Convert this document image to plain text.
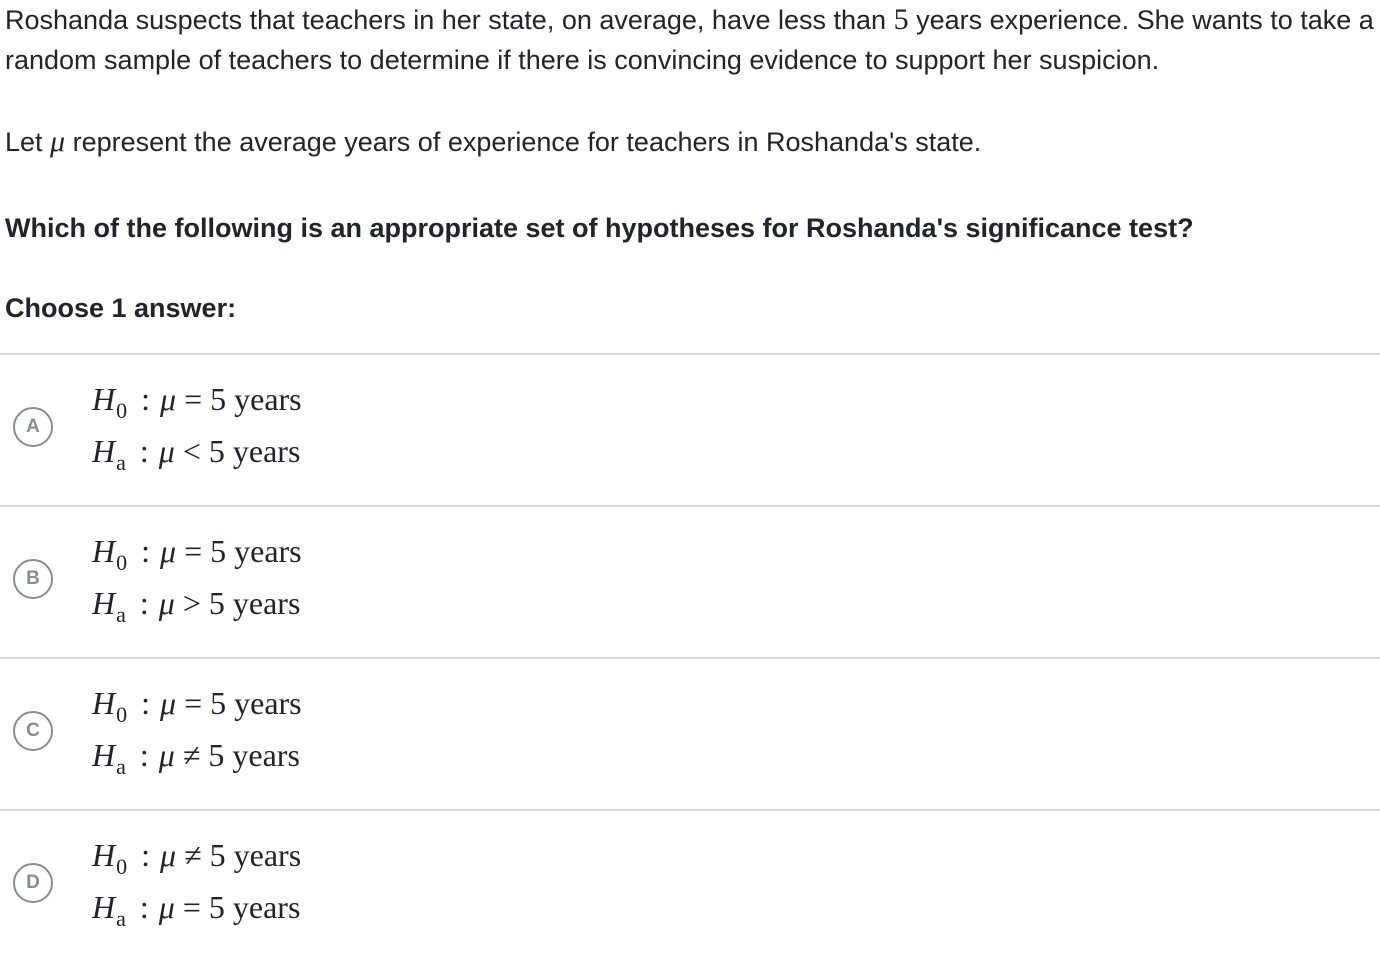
Roshanda suspects that teachers in her state, on average, have less than 5 years experience. She wants to take a random sample of teachers to determine if there is convincing evidence to support her suspicion.

Let μ represent the average years of experience for teachers in Roshanda's state.

Which of the following is an appropriate set of hypotheses for Roshanda's significance test?

Choose 1 answer:

A
$H_0$ : μ = 5 years
$H_a$ : μ < 5 years
B
$H_0$ : μ = 5 years
$H_a$ : μ > 5 years
C
$H_0$ : μ = 5 years
$H_a$ : μ ≠ 5 years
D
$H_0$ : μ ≠ 5 years
$H_a$ : μ = 5 years
